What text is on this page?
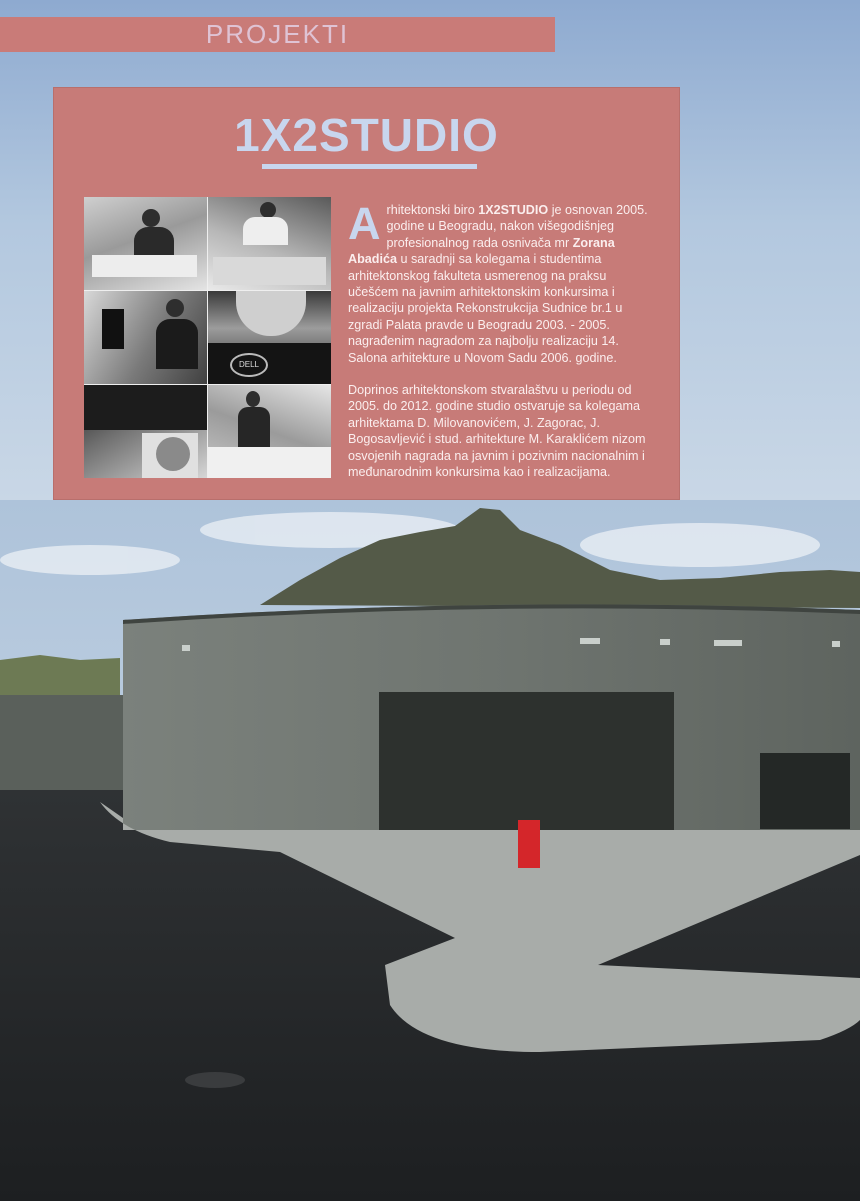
PROJEKTI
1X2STUDIO
DELL

Arhitektonski biro 1X2STUDIO je osnovan 2005. godine u Beogradu, nakon višegodišnjeg profesionalnog rada osnivača mr Zorana Abadića u saradnji sa kolegama i studentima arhitektonskog fakulteta usmerenog na praksu učešćem na javnim arhitektonskim konkursima i realizaciju projekta Rekonstrukcija Sudnice br.1 u zgradi Palata pravde u Beogradu 2003. - 2005. nagrađenim nagradom za najbolju realizaciju 14. Salona arhitekture u Novom Sadu 2006. godine.

Doprinos arhitektonskom stvaralaštvu u periodu od 2005. do 2012. godine studio ostvaruje sa kolegama arhitektama D. Milovanovićem, J. Zagorac, J. Bogosavljević i stud. arhitekture M. Karaklićem nizom osvojenih nagrada na javnim i pozivnim nacionalnim i međunarodnim konkursima kao i realizacijama.
